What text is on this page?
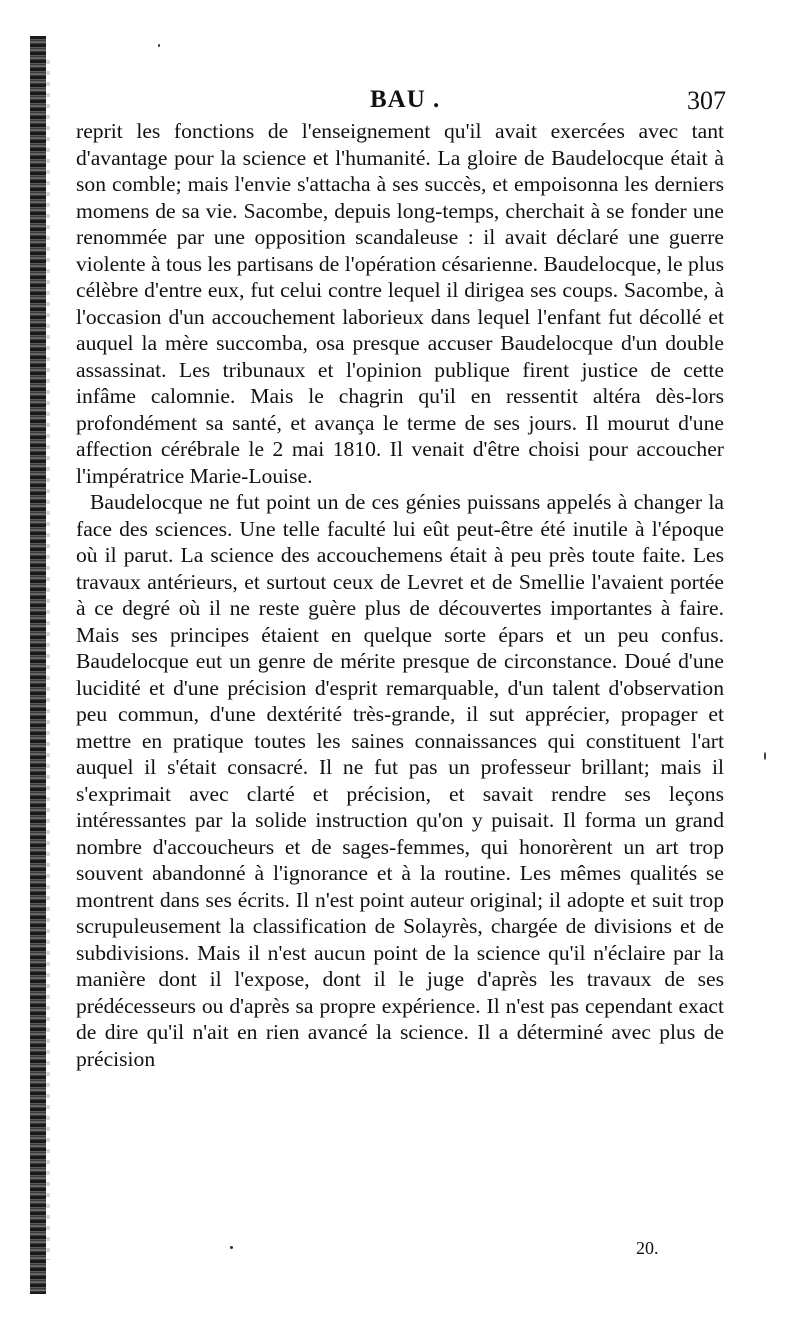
BAU .	307

reprit les fonctions de l'enseignement qu'il avait exercées avec tant d'avantage pour la science et l'humanité. La gloire de Baudelocque était à son comble; mais l'envie s'attacha à ses succès, et empoisonna les derniers momens de sa vie. Sacombe, depuis long-temps, cherchait à se fonder une renommée par une opposition scandaleuse : il avait déclaré une guerre violente à tous les partisans de l'opération césarienne. Baudelocque, le plus célèbre d'entre eux, fut celui contre lequel il dirigea ses coups. Sacombe, à l'occasion d'un accouchement laborieux dans lequel l'enfant fut décollé et auquel la mère succomba, osa presque accuser Baudelocque d'un double assassinat. Les tribunaux et l'opinion publique firent justice de cette infâme calomnie. Mais le chagrin qu'il en ressentit altéra dès-lors profondément sa santé, et avança le terme de ses jours. Il mourut d'une affection cérébrale le 2 mai 1810. Il venait d'être choisi pour accoucher l'impératrice Marie-Louise.

Baudelocque ne fut point un de ces génies puissans appelés à changer la face des sciences. Une telle faculté lui eût peut-être été inutile à l'époque où il parut. La science des accouchemens était à peu près toute faite. Les travaux antérieurs, et surtout ceux de Levret et de Smellie l'avaient portée à ce degré où il ne reste guère plus de découvertes importantes à faire. Mais ses principes étaient en quelque sorte épars et un peu confus. Baudelocque eut un genre de mérite presque de circonstance. Doué d'une lucidité et d'une précision d'esprit remarquable, d'un talent d'observation peu commun, d'une dextérité très-grande, il sut apprécier, propager et mettre en pratique toutes les saines connaissances qui constituent l'art auquel il s'était consacré. Il ne fut pas un professeur brillant; mais il s'exprimait avec clarté et précision, et savait rendre ses leçons intéressantes par la solide instruction qu'on y puisait. Il forma un grand nombre d'accoucheurs et de sages-femmes, qui honorèrent un art trop souvent abandonné à l'ignorance et à la routine. Les mêmes qualités se montrent dans ses écrits. Il n'est point auteur original; il adopte et suit trop scrupuleusement la classification de Solayrès, chargée de divisions et de subdivisions. Mais il n'est aucun point de la science qu'il n'éclaire par la manière dont il l'expose, dont il le juge d'après les travaux de ses prédécesseurs ou d'après sa propre expérience. Il n'est pas cependant exact de dire qu'il n'ait en rien avancé la science. Il a déterminé avec plus de précision

20.
